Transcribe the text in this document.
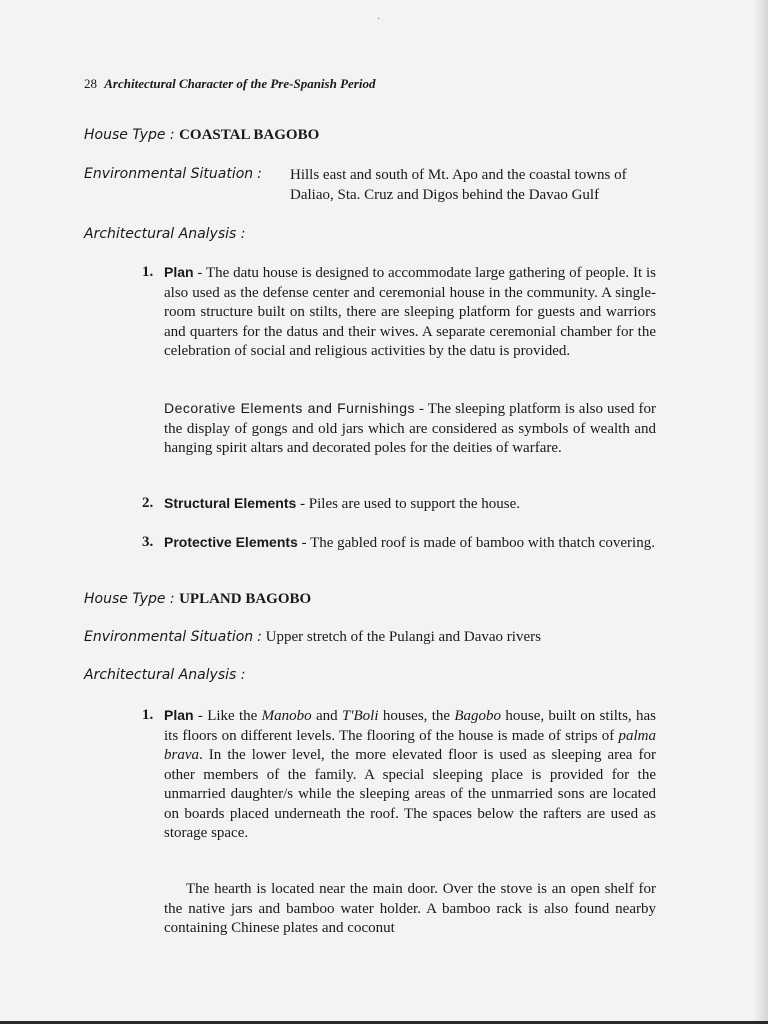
·
28 Architectural Character of the Pre-Spanish Period
House Type : COASTAL BAGOBO
Environmental Situation : Hills east and south of Mt. Apo and the coastal towns of Daliao, Sta. Cruz and Digos behind the Davao Gulf
Architectural Analysis :
1. Plan - The datu house is designed to accommodate large gathering of people. It is also used as the defense center and ceremonial house in the community. A single-room structure built on stilts, there are sleeping platform for guests and warriors and quarters for the datus and their wives. A separate ceremonial chamber for the celebration of social and religious activities by the datu is provided.
Decorative Elements and Furnishings - The sleeping platform is also used for the display of gongs and old jars which are considered as symbols of wealth and hanging spirit altars and decorated poles for the deities of warfare.
2. Structural Elements - Piles are used to support the house.
3. Protective Elements - The gabled roof is made of bamboo with thatch covering.
House Type : UPLAND BAGOBO
Environmental Situation : Upper stretch of the Pulangi and Davao rivers
Architectural Analysis :
1. Plan - Like the Manobo and T'Boli houses, the Bagobo house, built on stilts, has its floors on different levels. The flooring of the house is made of strips of palma brava. In the lower level, the more elevated floor is used as sleeping area for other members of the family. A special sleeping place is provided for the unmarried daughter/s while the sleeping areas of the unmarried sons are located on boards placed underneath the roof. The spaces below the rafters are used as storage space.
The hearth is located near the main door. Over the stove is an open shelf for the native jars and bamboo water holder. A bamboo rack is also found nearby containing Chinese plates and coconut
